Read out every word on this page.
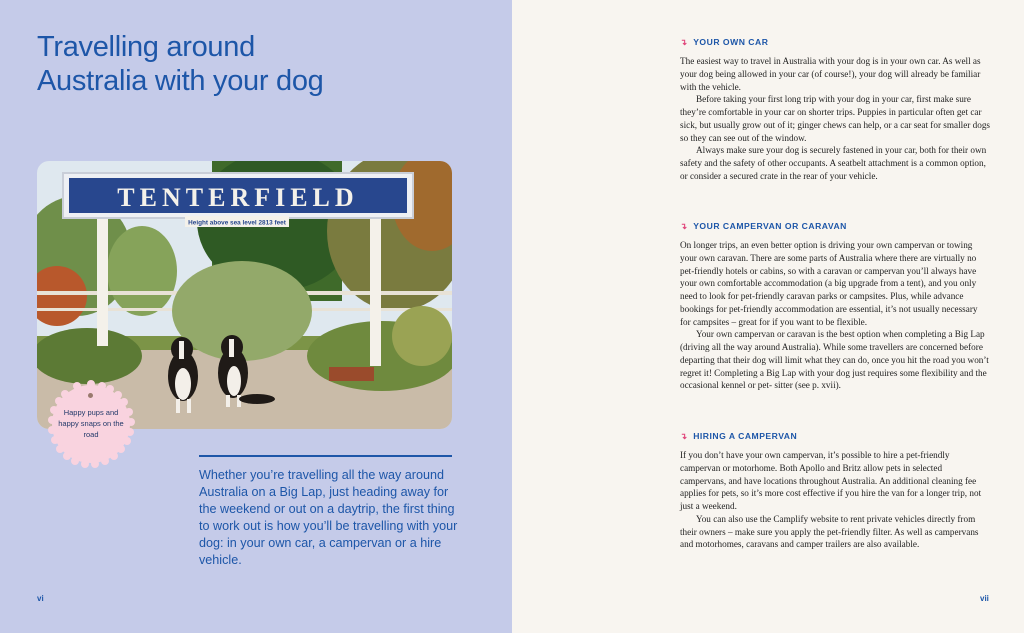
Travelling around Australia with your dog
TENTERFIELD
Height above sea level 2813 feet
Happy pups and happy snaps on the road

Whether you’re travelling all the way around Australia on a Big Lap, just heading away for the weekend or out on a daytrip, the first thing to work out is how you’ll be travelling with your dog: in your own car, a campervan or a hire vehicle.

vi
↴ YOUR OWN CAR

The easiest way to travel in Australia with your dog is in your own car. As well as your dog being allowed in your car (of course!), your dog will already be familiar with the vehicle.

Before taking your first long trip with your dog in your car, first make sure they’re comfortable in your car on shorter trips. Puppies in particular often get car sick, but usually grow out of it; ginger chews can help, or a car seat for smaller dogs so they can see out of the window.

Always make sure your dog is securely fastened in your car, both for their own safety and the safety of other occupants. A seatbelt attachment is a common option, or consider a secured crate in the rear of your vehicle.

↴ YOUR CAMPERVAN OR CARAVAN

On longer trips, an even better option is driving your own campervan or towing your own caravan. There are some parts of Australia where there are virtually no pet-friendly hotels or cabins, so with a caravan or campervan you’ll always have your own comfortable accommodation (a big upgrade from a tent), and you only need to look for pet-friendly caravan parks or campsites. Plus, while advance bookings for pet-friendly accommodation are essential, it’s not usually necessary for campsites – great for if you want to be flexible.

Your own campervan or caravan is the best option when completing a Big Lap (driving all the way around Australia). While some travellers are concerned before departing that their dog will limit what they can do, once you hit the road you won’t regret it! Completing a Big Lap with your dog just requires some flexibility and the occasional kennel or pet- sitter (see p. xvii).

↴ HIRING A CAMPERVAN

If you don’t have your own campervan, it’s possible to hire a pet-friendly campervan or motorhome. Both Apollo and Britz allow pets in selected campervans, and have locations throughout Australia. An additional cleaning fee applies for pets, so it’s more cost effective if you hire the van for a longer trip, not just a weekend.

You can also use the Camplify website to rent private vehicles directly from their owners – make sure you apply the pet-friendly filter. As well as campervans and motorhomes, caravans and camper trailers are also available.

vii
